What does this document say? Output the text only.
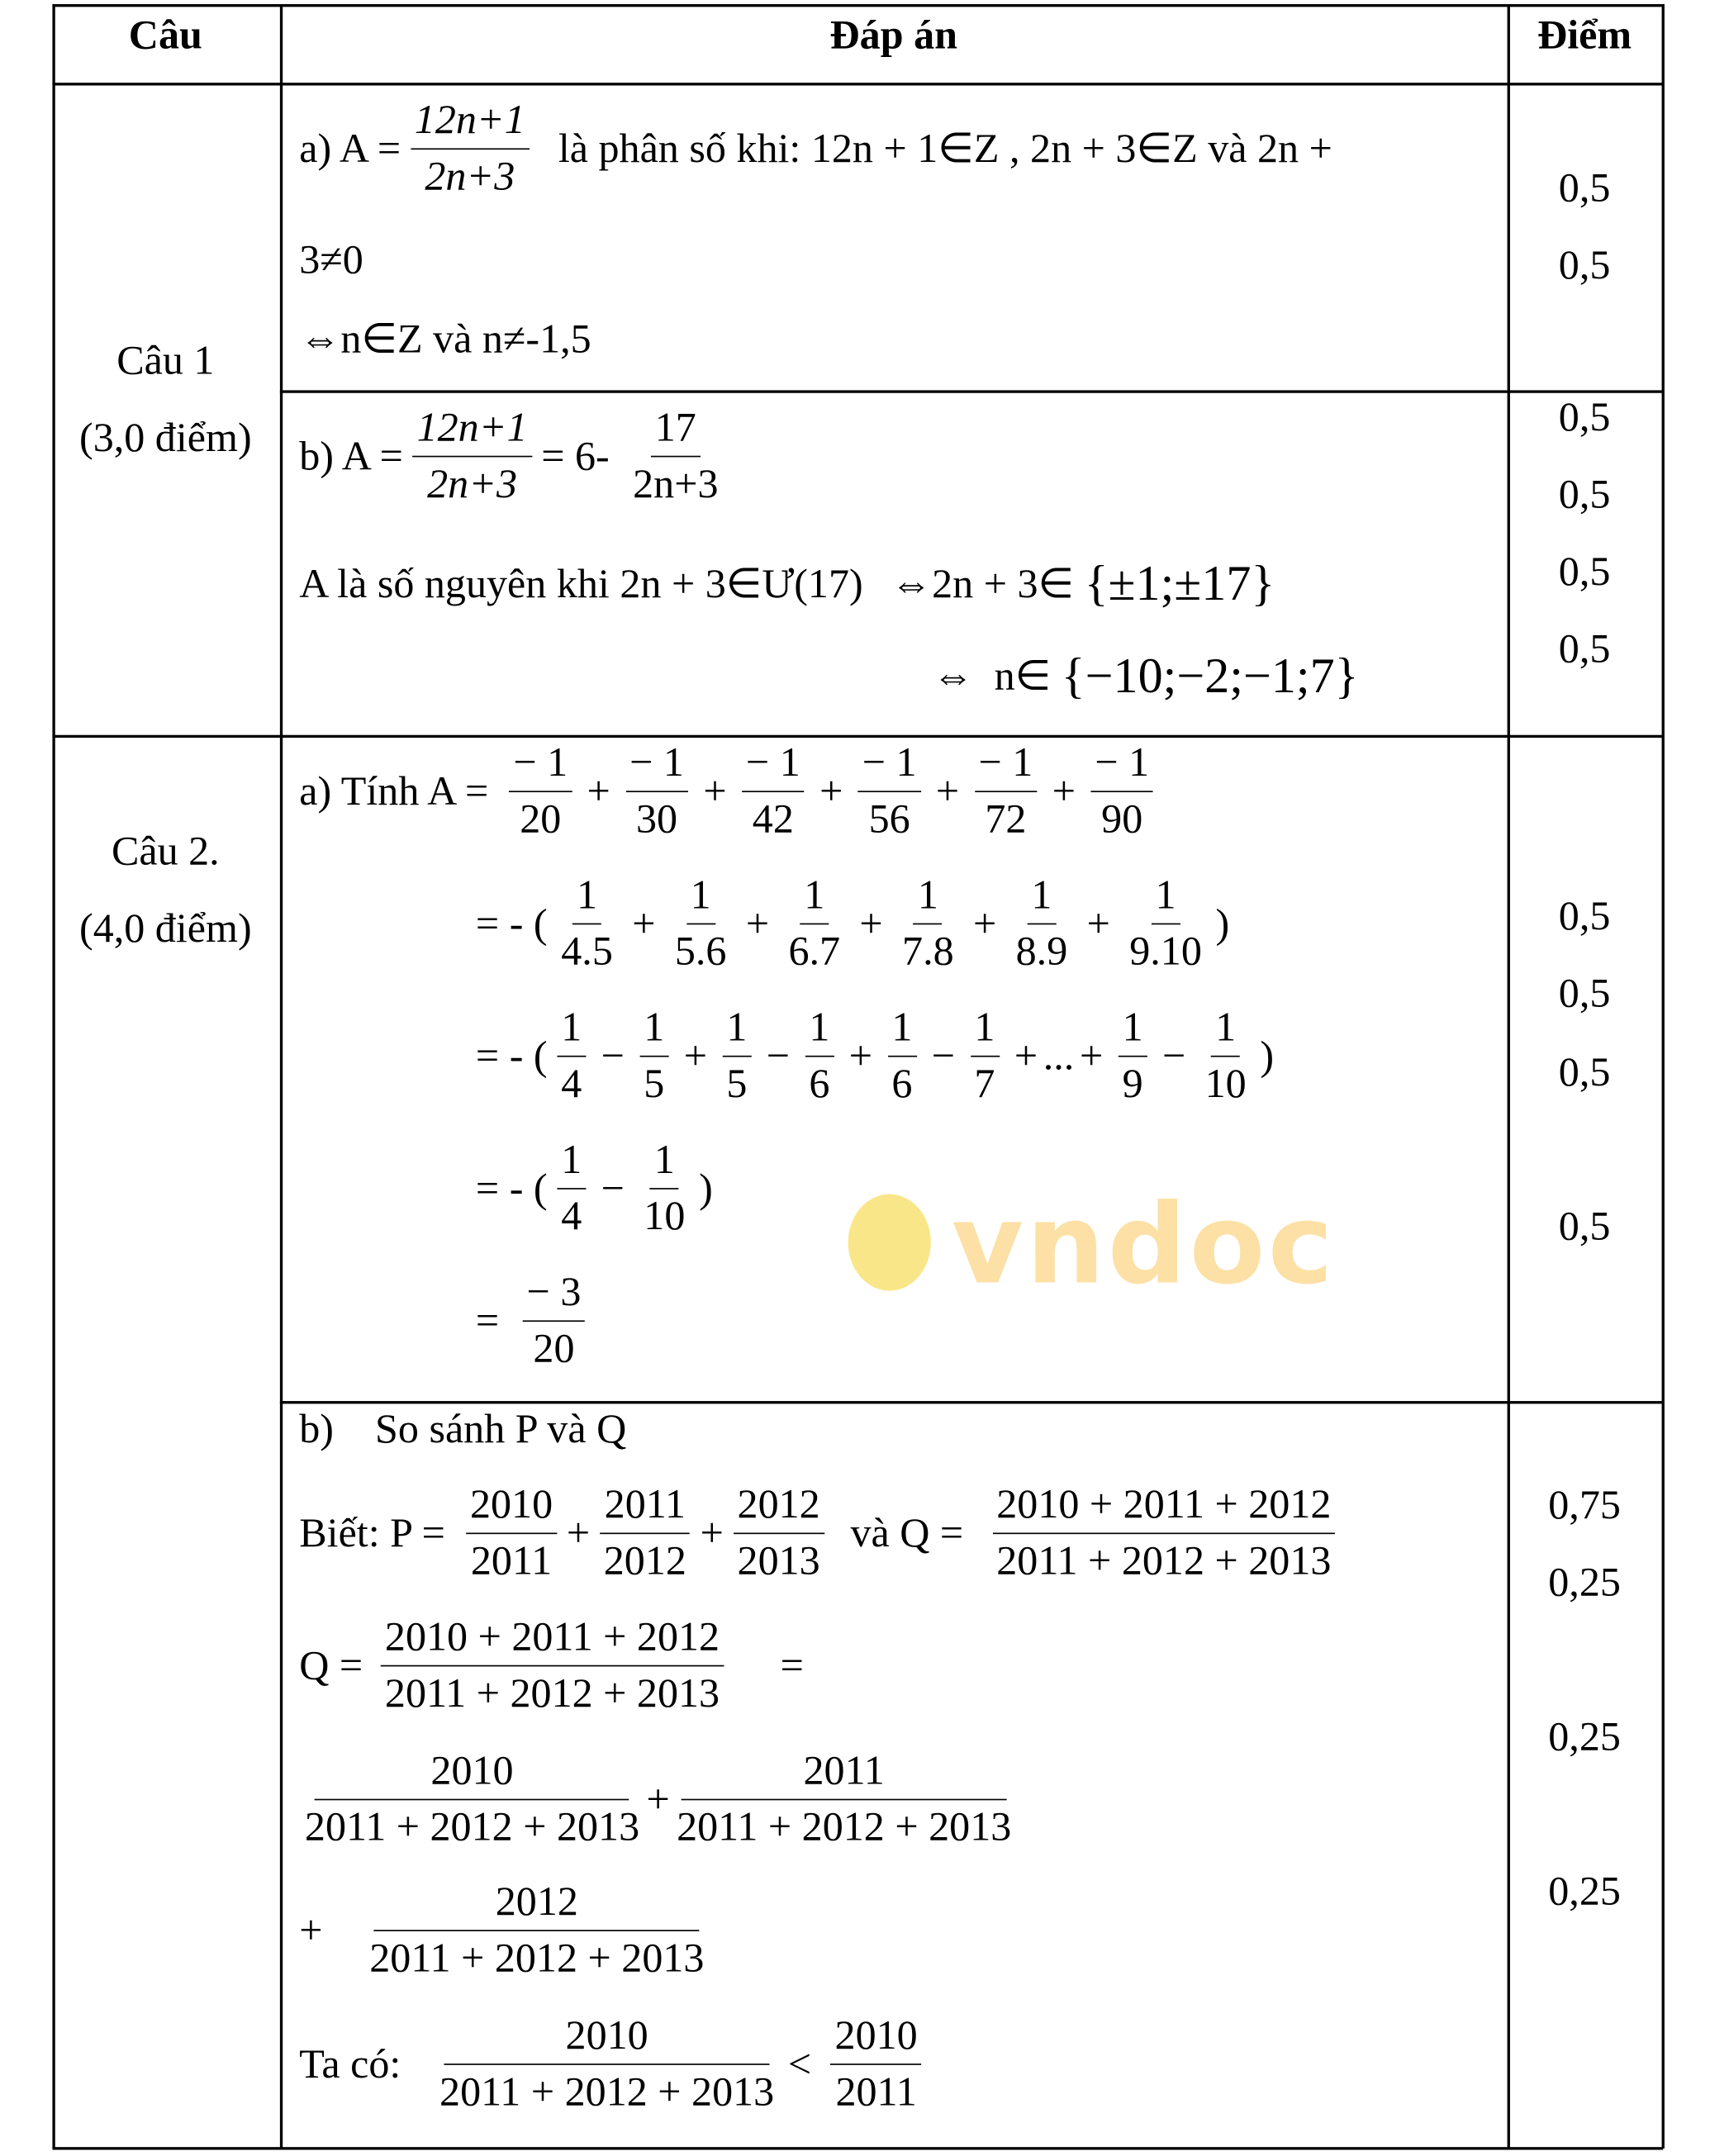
Câu	Đáp án	Điểm
Câu 1
(3,0 điểm)
Câu 2.
(4,0 điểm)
0,5
0,5
0,5
0,5
0,5
0,5
0,5
0,5
0,5
0,5
0,75
0,25
0,25
0,25
vndoc
a) $A = \frac{12n+1}{2n+3}$ là phân số khi: 12n + 1∈Z , 2n + 3∈Z và 2n +
3≠0
⇔n∈Z và n≠-1,5
b) $A = \frac{12n+1}{2n+3} = 6-$
17
2n+3
A là số nguyên khi 2n + 3∈Ư(17) ⇔2n + 3∈ {±1;±17}
⇔  n∈ {−10;−2;−1;7}
a) Tính $A = \frac{- 1}{20} + \frac{- 1}{30} + \frac{- 1}{42} + \frac{- 1}{56} + \frac{- 1}{72} + \frac{- 1}{90}$
= - (
1
4.5
+ $\frac{1}{5.6} + \frac{1}{6.7} + \frac{1}{7.8} + \frac{1}{8.9} + \frac{1}{9.10}$ )
= - (
1
4
− $\frac{1}{5} + \frac{1}{5} - \frac{1}{6} + \frac{1}{6} - \frac{1}{7}$ + ... + $\frac{1}{9} - \frac{1}{10}$ )
= - (
1
4
− $\frac{1}{10}$ )
= $\frac{- 3}{20}$
b)    So sánh P và Q
Biết: $P = \frac{2010}{2011} + \frac{2011}{2012} + \frac{2012}{2013}$ và $Q = \frac{2010 + 2011 + 2012}{2011 + 2012 + 2013}$
$Q = \frac{2010 + 2011 + 2012}{2011 + 2012 + 2013}$ =
2010
2011 + 2012 + 2013
+ $\frac{2011}{2011 + 2012 + 2013}$
+ $\frac{2012}{2011 + 2012 + 2013}$
Ta có:
2010
2011 + 2012 + 2013
<
2010
2011
